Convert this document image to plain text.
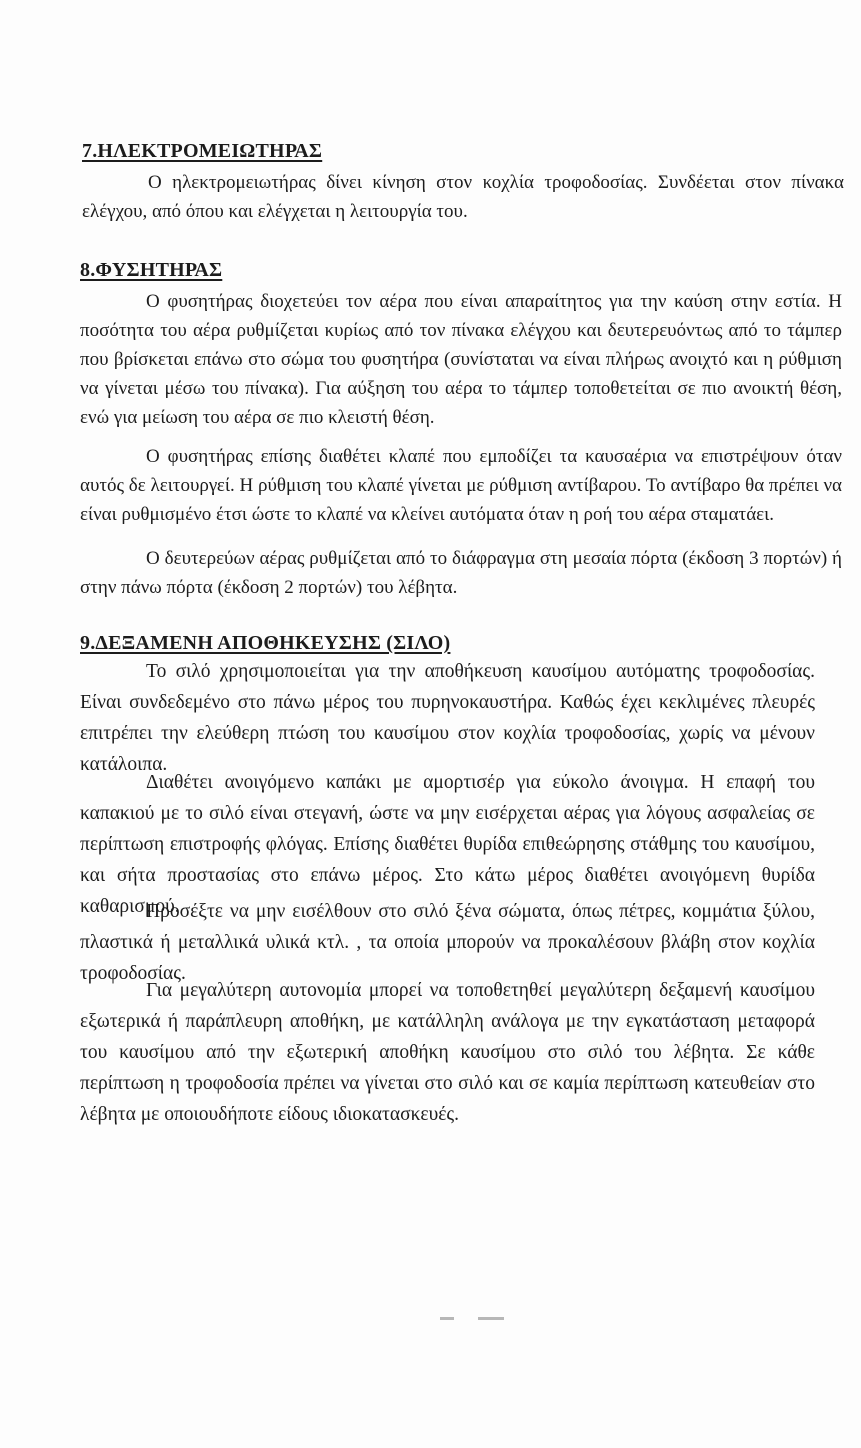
7.ΗΛΕΚΤΡΟΜΕΙΩΤΗΡΑΣ

Ο ηλεκτρομειωτήρας δίνει κίνηση στον κοχλία τροφοδοσίας. Συνδέεται στον πίνακα ελέγχου, από όπου και ελέγχεται η λειτουργία του.

8.ΦΥΣΗΤΗΡΑΣ

Ο φυσητήρας διοχετεύει τον αέρα που είναι απαραίτητος για την καύση στην εστία. Η ποσότητα του αέρα ρυθμίζεται κυρίως από τον πίνακα ελέγχου και δευτερευόντως από το τάμπερ που βρίσκεται επάνω στο σώμα του φυσητήρα (συνίσταται να είναι πλήρως ανοιχτό και η ρύθμιση να γίνεται μέσω του πίνακα). Για αύξηση του αέρα το τάμπερ τοποθετείται σε πιο ανοικτή θέση, ενώ για μείωση του αέρα σε πιο κλειστή θέση.

Ο φυσητήρας επίσης διαθέτει κλαπέ που εμποδίζει τα καυσαέρια να επιστρέψουν όταν αυτός δε λειτουργεί. Η ρύθμιση του κλαπέ γίνεται με ρύθμιση αντίβαρου. Το αντίβαρο θα πρέπει να είναι ρυθμισμένο έτσι ώστε το κλαπέ να κλείνει αυτόματα όταν η ροή του αέρα σταματάει.

Ο δευτερεύων αέρας ρυθμίζεται από το διάφραγμα στη μεσαία πόρτα (έκδοση 3 πορτών) ή στην πάνω πόρτα (έκδοση 2 πορτών) του λέβητα.

9.ΔΕΞΑΜΕΝΗ ΑΠΟΘΗΚΕΥΣΗΣ (ΣΙΛΟ)

Το σιλό χρησιμοποιείται για την αποθήκευση καυσίμου αυτόματης τροφοδοσίας. Είναι συνδεδεμένο στο πάνω μέρος του πυρηνοκαυστήρα. Καθώς έχει κεκλιμένες πλευρές επιτρέπει την ελεύθερη πτώση του καυσίμου στον κοχλία τροφοδοσίας, χωρίς να μένουν κατάλοιπα.

Διαθέτει ανοιγόμενο καπάκι με αμορτισέρ για εύκολο άνοιγμα. Η επαφή του καπακιού με το σιλό είναι στεγανή, ώστε να μην εισέρχεται αέρας για λόγους ασφαλείας σε περίπτωση επιστροφής φλόγας. Επίσης διαθέτει θυρίδα επιθεώρησης στάθμης του καυσίμου, και σήτα προστασίας στο επάνω μέρος. Στο κάτω μέρος διαθέτει ανοιγόμενη θυρίδα καθαρισμού.

Προσέξτε να μην εισέλθουν στο σιλό ξένα σώματα, όπως πέτρες, κομμάτια ξύλου, πλαστικά ή μεταλλικά υλικά κτλ. , τα οποία μπορούν να προκαλέσουν βλάβη στον κοχλία τροφοδοσίας.

Για μεγαλύτερη αυτονομία μπορεί να τοποθετηθεί μεγαλύτερη δεξαμενή καυσίμου εξωτερικά ή παράπλευρη αποθήκη, με κατάλληλη ανάλογα με την εγκατάσταση μεταφορά του καυσίμου από την εξωτερική αποθήκη καυσίμου στο σιλό του λέβητα. Σε κάθε περίπτωση η τροφοδοσία πρέπει να γίνεται στο σιλό και σε καμία περίπτωση κατευθείαν στο λέβητα με οποιουδήποτε είδους ιδιοκατασκευές.
